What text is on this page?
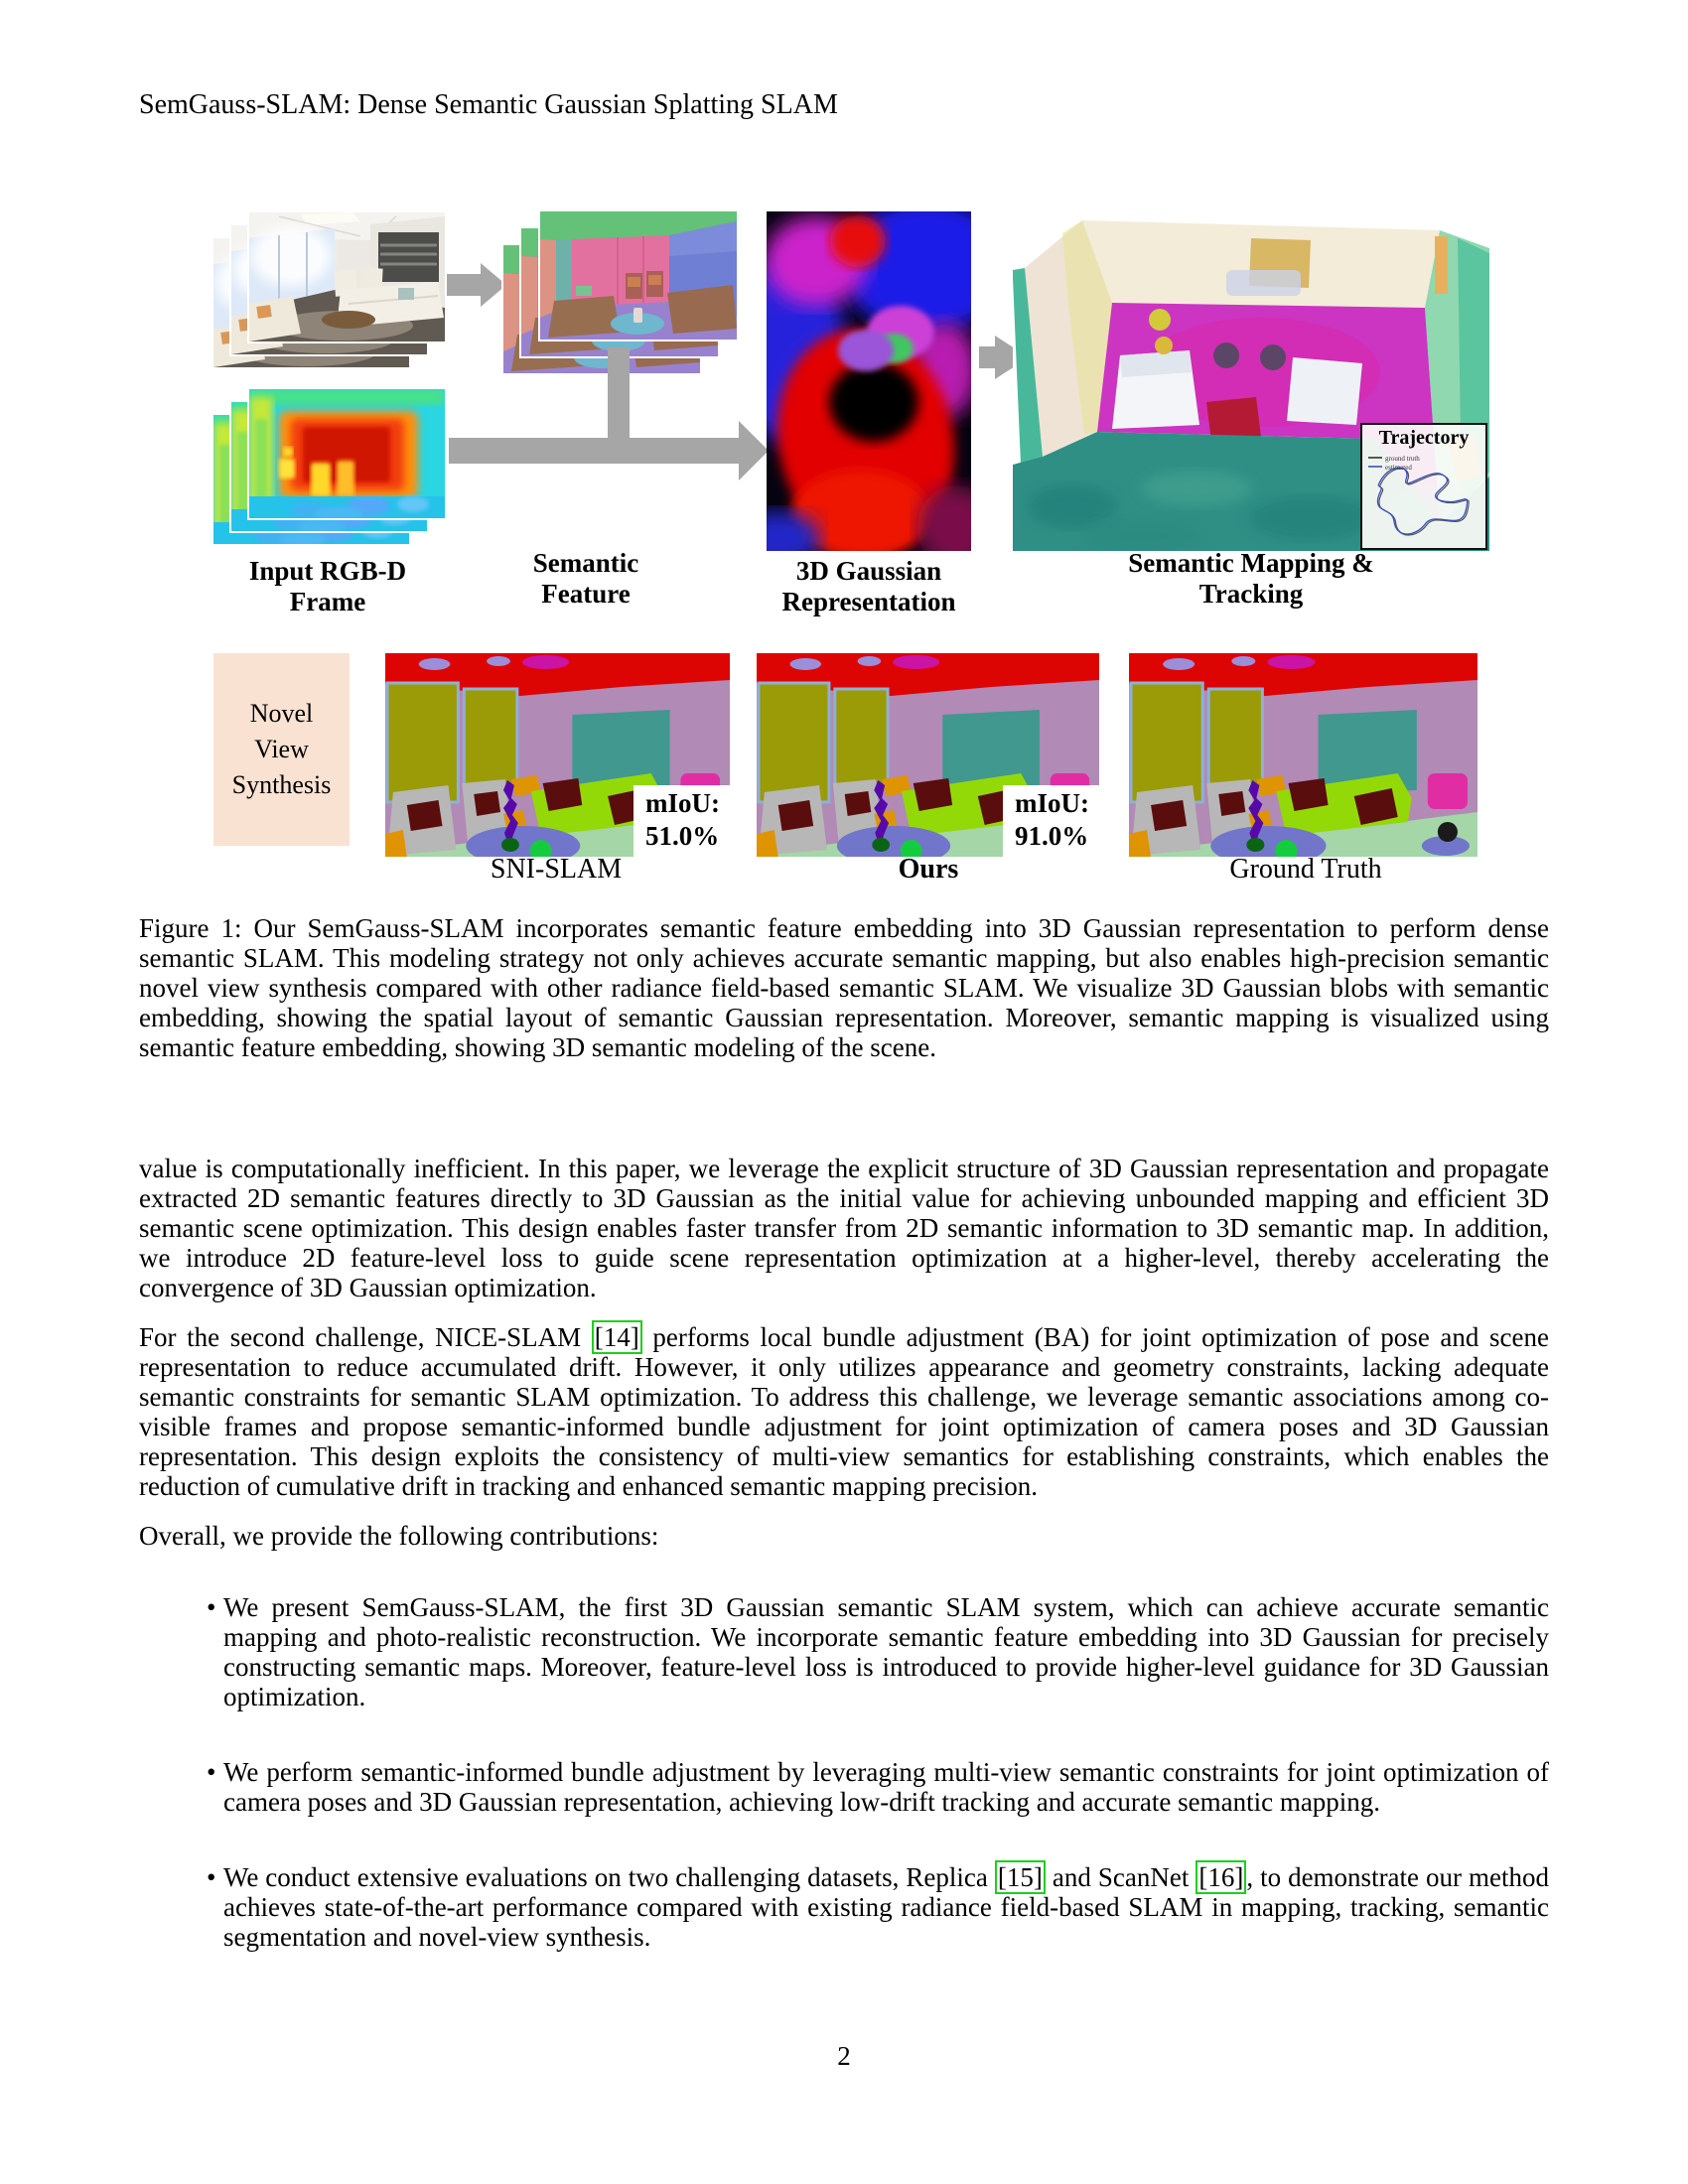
SemGauss-SLAM: Dense Semantic Gaussian Splatting SLAM
Trajectory
ground truth
estimated
Input RGB-D Frame
Semantic Feature
3D Gaussian Representation
Semantic Mapping & Tracking
Novel View Synthesis
mIoU:
51.0%
mIoU:
91.0%
SNI-SLAM	Ours	Ground Truth
Figure 1: Our SemGauss-SLAM incorporates semantic feature embedding into 3D Gaussian representation to perform dense semantic SLAM. This modeling strategy not only achieves accurate semantic mapping, but also enables high-precision semantic novel view synthesis compared with other radiance field-based semantic SLAM. We visualize 3D Gaussian blobs with semantic embedding, showing the spatial layout of semantic Gaussian representation. Moreover, semantic mapping is visualized using semantic feature embedding, showing 3D semantic modeling of the scene.

value is computationally inefficient. In this paper, we leverage the explicit structure of 3D Gaussian representation and propagate extracted 2D semantic features directly to 3D Gaussian as the initial value for achieving unbounded mapping and efficient 3D semantic scene optimization. This design enables faster transfer from 2D semantic information to 3D semantic map. In addition, we introduce 2D feature-level loss to guide scene representation optimization at a higher-level, thereby accelerating the convergence of 3D Gaussian optimization.

For the second challenge, NICE-SLAM [14] performs local bundle adjustment (BA) for joint optimization of pose and scene representation to reduce accumulated drift. However, it only utilizes appearance and geometry constraints, lacking adequate semantic constraints for semantic SLAM optimization. To address this challenge, we leverage semantic associations among co-visible frames and propose semantic-informed bundle adjustment for joint optimization of camera poses and 3D Gaussian representation. This design exploits the consistency of multi-view semantics for establishing constraints, which enables the reduction of cumulative drift in tracking and enhanced semantic mapping precision.

Overall, we provide the following contributions:

• We present SemGauss-SLAM, the first 3D Gaussian semantic SLAM system, which can achieve accurate semantic mapping and photo-realistic reconstruction. We incorporate semantic feature embedding into 3D Gaussian for precisely constructing semantic maps. Moreover, feature-level loss is introduced to provide higher-level guidance for 3D Gaussian optimization.
• We perform semantic-informed bundle adjustment by leveraging multi-view semantic constraints for joint optimization of camera poses and 3D Gaussian representation, achieving low-drift tracking and accurate semantic mapping.
• We conduct extensive evaluations on two challenging datasets, Replica [15] and ScanNet [16] , to demonstrate our method achieves state-of-the-art performance compared with existing radiance field-based SLAM in mapping, tracking, semantic segmentation and novel-view synthesis.
2
